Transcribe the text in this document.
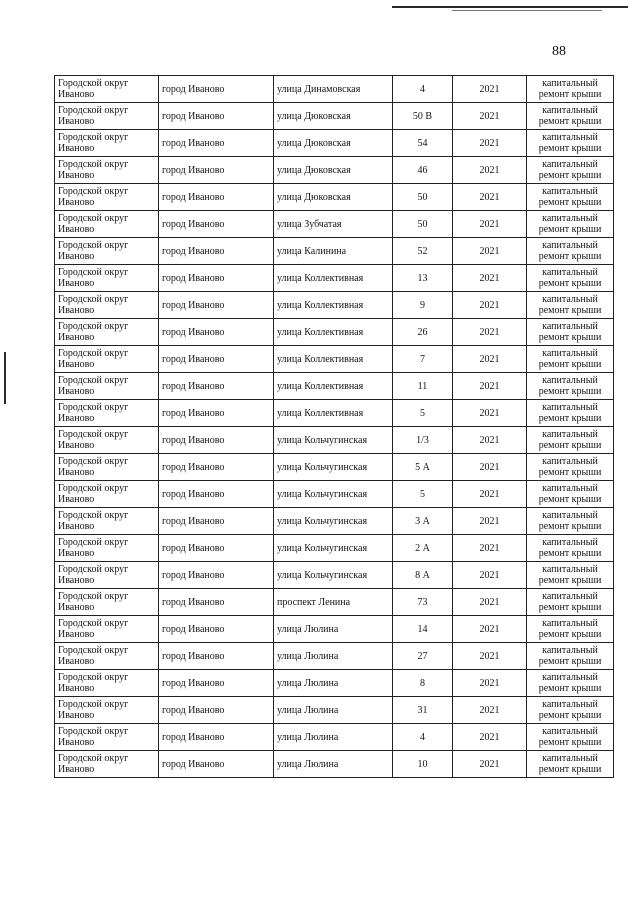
88
Городской округ
Иваново	город Иваново	улица Динамовская	4	2021	капитальный
ремонт крыши

Городской округ
Иваново	город Иваново	улица Дюковская	50 В	2021	капитальный
ремонт крыши

Городской округ
Иваново	город Иваново	улица Дюковская	54	2021	капитальный
ремонт крыши

Городской округ
Иваново	город Иваново	улица Дюковская	46	2021	капитальный
ремонт крыши

Городской округ
Иваново	город Иваново	улица Дюковская	50	2021	капитальный
ремонт крыши

Городской округ
Иваново	город Иваново	улица Зубчатая	50	2021	капитальный
ремонт крыши

Городской округ
Иваново	город Иваново	улица Калинина	52	2021	капитальный
ремонт крыши

Городской округ
Иваново	город Иваново	улица Коллективная	13	2021	капитальный
ремонт крыши

Городской округ
Иваново	город Иваново	улица Коллективная	9	2021	капитальный
ремонт крыши

Городской округ
Иваново	город Иваново	улица Коллективная	26	2021	капитальный
ремонт крыши

Городской округ
Иваново	город Иваново	улица Коллективная	7	2021	капитальный
ремонт крыши

Городской округ
Иваново	город Иваново	улица Коллективная	11	2021	капитальный
ремонт крыши

Городской округ
Иваново	город Иваново	улица Коллективная	5	2021	капитальный
ремонт крыши

Городской округ
Иваново	город Иваново	улица Кольчугинская	1/3	2021	капитальный
ремонт крыши

Городской округ
Иваново	город Иваново	улица Кольчугинская	5 А	2021	капитальный
ремонт крыши

Городской округ
Иваново	город Иваново	улица Кольчугинская	5	2021	капитальный
ремонт крыши

Городской округ
Иваново	город Иваново	улица Кольчугинская	3 А	2021	капитальный
ремонт крыши

Городской округ
Иваново	город Иваново	улица Кольчугинская	2 А	2021	капитальный
ремонт крыши

Городской округ
Иваново	город Иваново	улица Кольчугинская	8 А	2021	капитальный
ремонт крыши

Городской округ
Иваново	город Иваново	проспект Ленина	73	2021	капитальный
ремонт крыши

Городской округ
Иваново	город Иваново	улица Люлина	14	2021	капитальный
ремонт крыши

Городской округ
Иваново	город Иваново	улица Люлина	27	2021	капитальный
ремонт крыши

Городской округ
Иваново	город Иваново	улица Люлина	8	2021	капитальный
ремонт крыши

Городской округ
Иваново	город Иваново	улица Люлина	31	2021	капитальный
ремонт крыши

Городской округ
Иваново	город Иваново	улица Люлина	4	2021	капитальный
ремонт крыши

Городской округ
Иваново	город Иваново	улица Люлина	10	2021	капитальный
ремонт крыши
